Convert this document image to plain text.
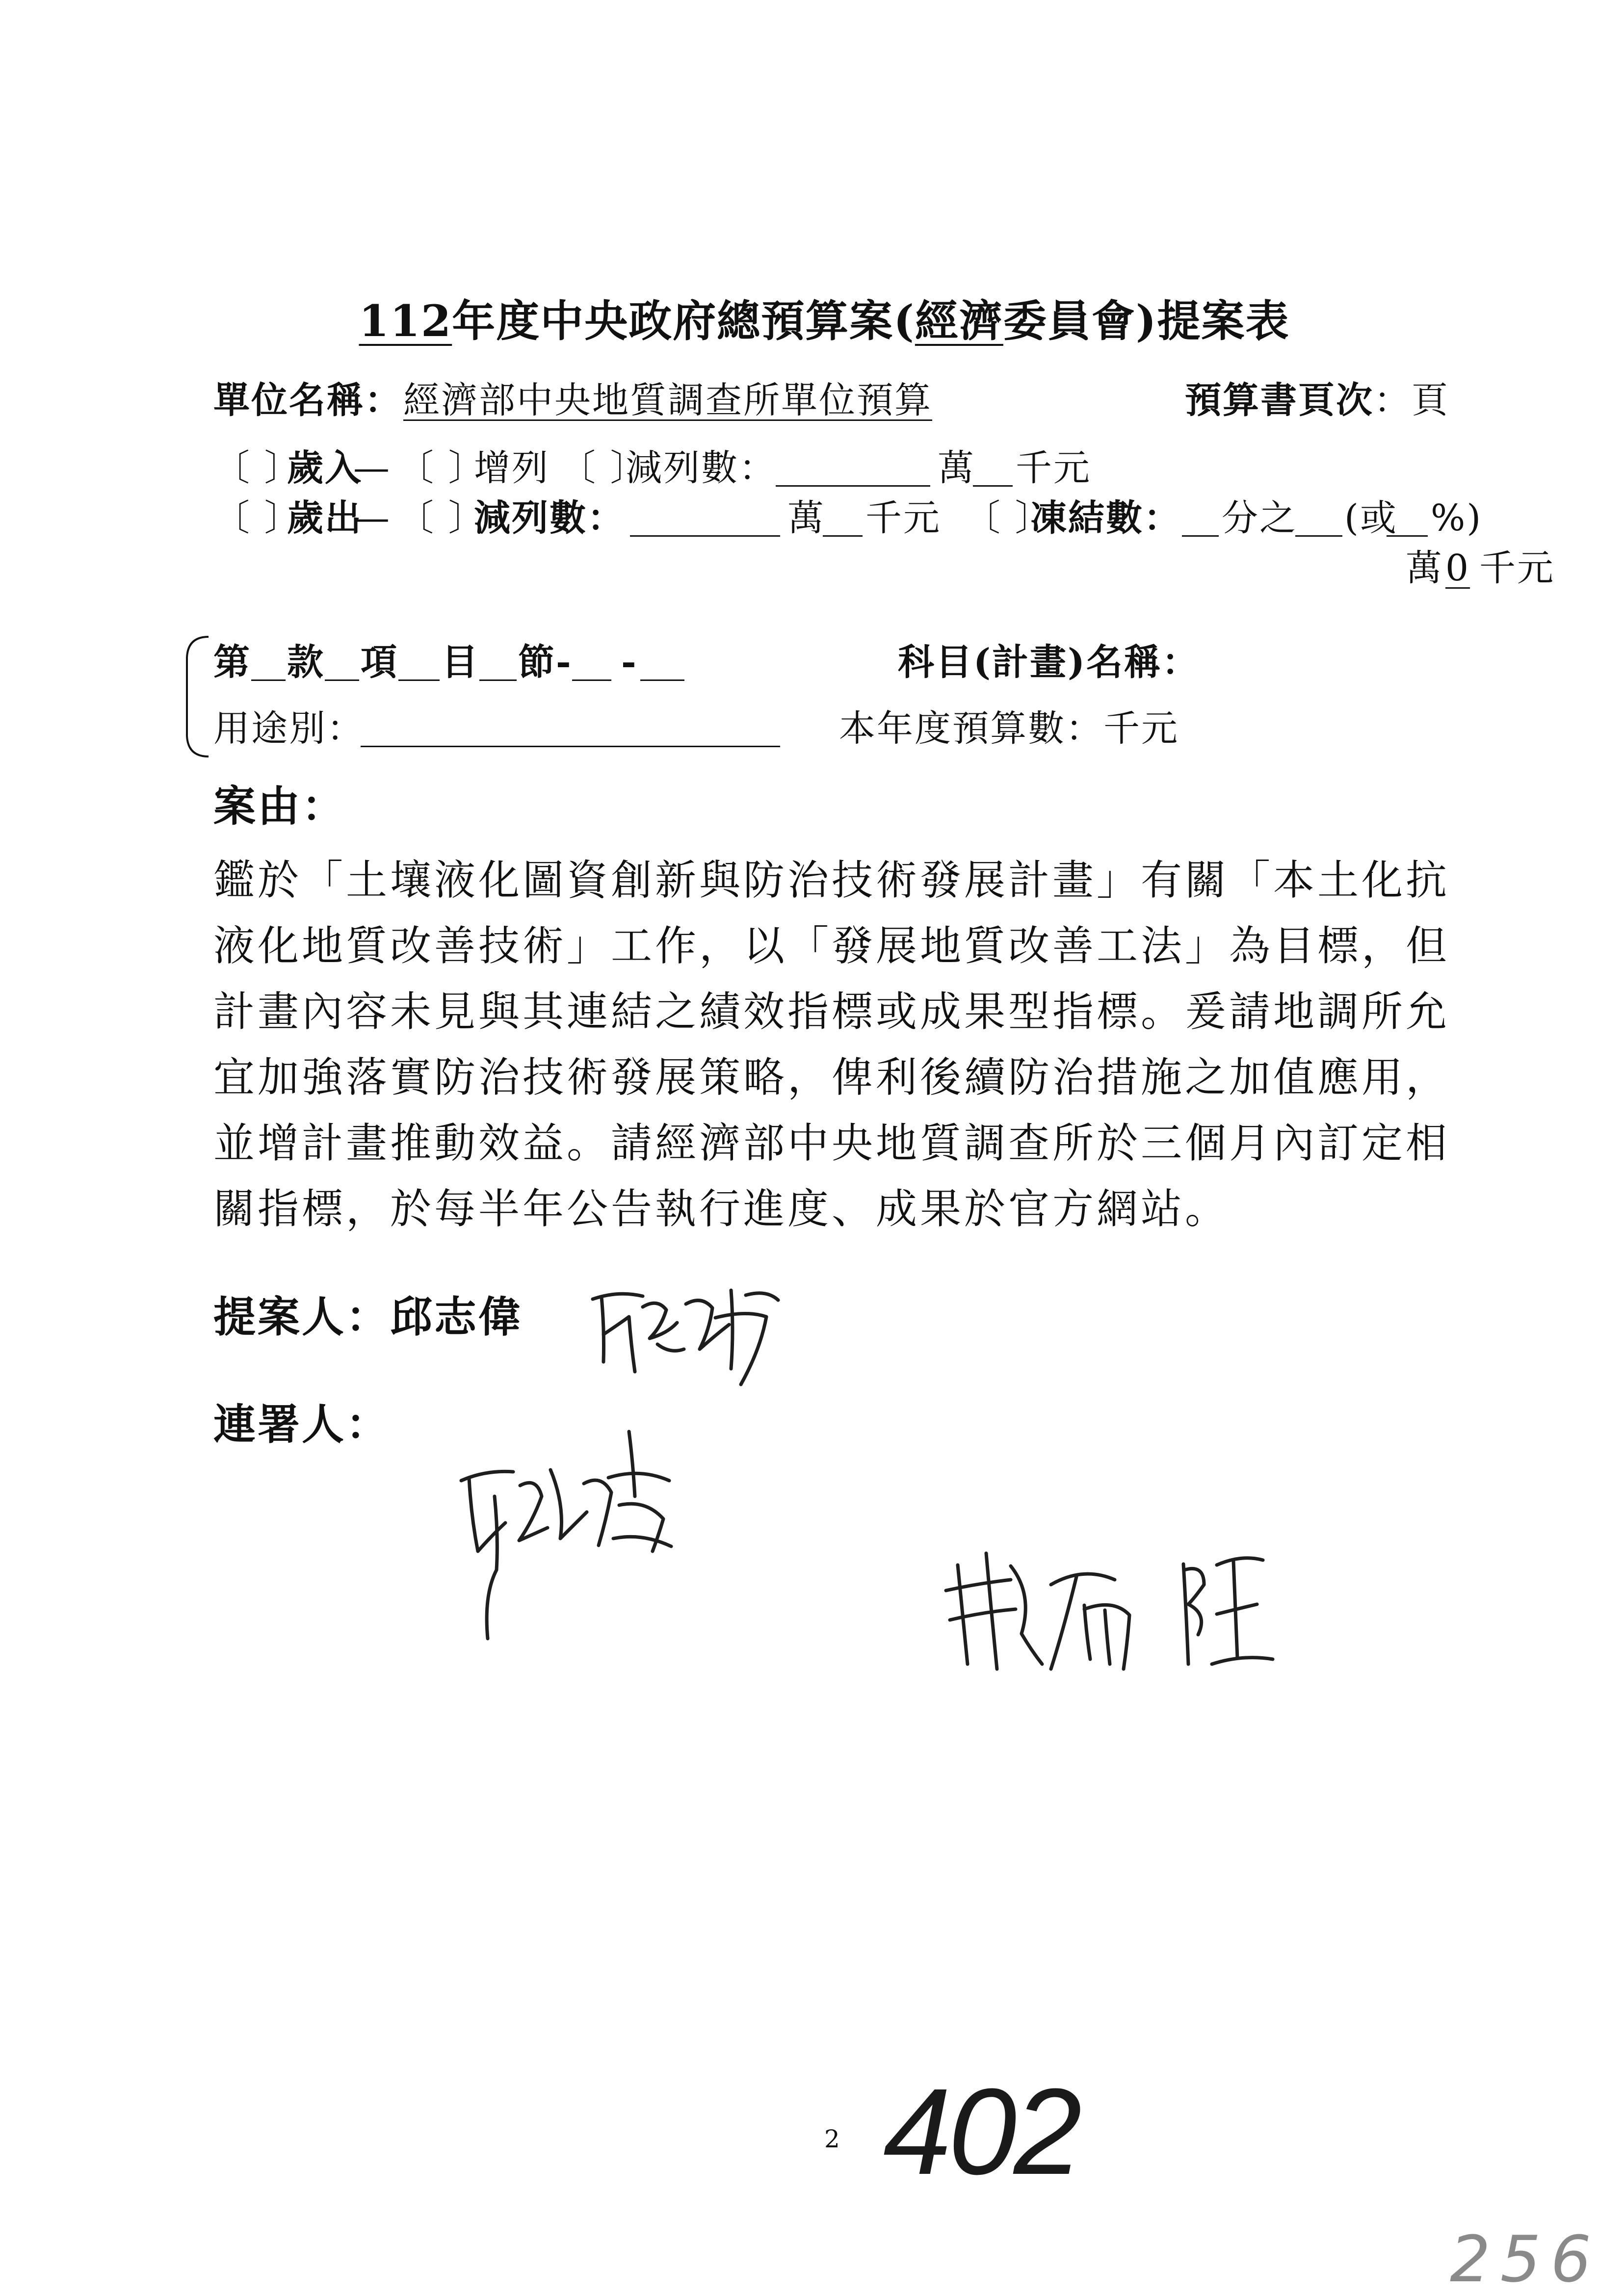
112年度中央政府總預算案(經濟委員會)提案表
單位名稱： 經濟部中央地質調查所單位預算	預算書頁次 ：頁
〔 〕
歲入
— 〔 〕
增列 〔 〕
減列數：	萬 千元
〔 〕
歲出
— 〔 〕
減列數：	萬 千元 〔 〕
凍結數： 分之 (或 %)
萬 0 千元
第 款 項 目 節- -	科目(計畫)名稱：
用途別：	本年度預算數：千元
案由：
鑑於「土壤液化圖資創新與防治技術發展計畫」有關「本土化抗
液化地質改善技術」工作，以「發展地質改善工法」為目標，但
計畫內容未見與其連結之績效指標或成果型指標。爰請地調所允
宜加強落實防治技術發展策略，俾利後續防治措施之加值應用，
並增計畫推動效益。請經濟部中央地質調查所於三個月內訂定相
關指標，於每半年公告執行進度、成果於官方網站。
提案人：邱志偉
連署人：
2 402
256
